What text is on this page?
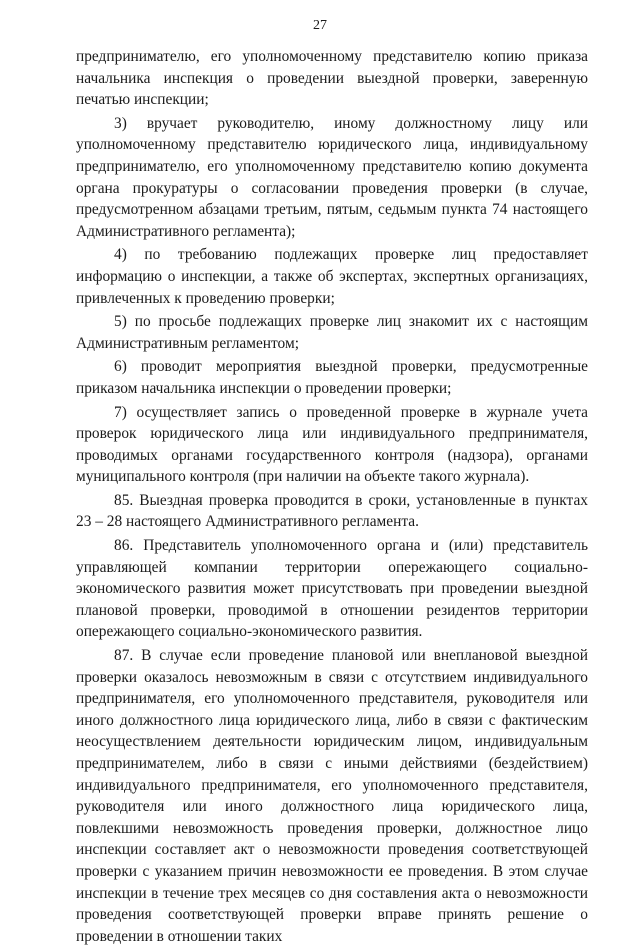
27

предпринимателю, его уполномоченному представителю копию приказа начальника инспекция о проведении выездной проверки, заверенную печатью инспекции;

3) вручает руководителю, иному должностному лицу или уполномоченному представителю юридического лица, индивидуальному предпринимателю, его уполномоченному представителю копию документа органа прокуратуры о согласовании проведения проверки (в случае, предусмотренном абзацами третьим, пятым, седьмым пункта 74 настоящего Административного регламента);

4) по требованию подлежащих проверке лиц предоставляет информацию о инспекции, а также об экспертах, экспертных организациях, привлеченных к проведению проверки;

5) по просьбе подлежащих проверке лиц знакомит их с настоящим Административным регламентом;

6) проводит мероприятия выездной проверки, предусмотренные приказом начальника инспекции о проведении проверки;

7) осуществляет запись о проведенной проверке в журнале учета проверок юридического лица или индивидуального предпринимателя, проводимых органами государственного контроля (надзора), органами муниципального контроля (при наличии на объекте такого журнала).

85. Выездная проверка проводится в сроки, установленные в пунктах 23 – 28 настоящего Административного регламента.

86. Представитель уполномоченного органа и (или) представитель управляющей компании территории опережающего социально-экономического развития может присутствовать при проведении выездной плановой проверки, проводимой в отношении резидентов территории опережающего социально-экономического развития.

87. В случае если проведение плановой или внеплановой выездной проверки оказалось невозможным в связи с отсутствием индивидуального предпринимателя, его уполномоченного представителя, руководителя или иного должностного лица юридического лица, либо в связи с фактическим неосуществлением деятельности юридическим лицом, индивидуальным предпринимателем, либо в связи с иными действиями (бездействием) индивидуального предпринимателя, его уполномоченного представителя, руководителя или иного должностного лица юридического лица, повлекшими невозможность проведения проверки, должностное лицо инспекции составляет акт о невозможности проведения соответствующей проверки с указанием причин невозможности ее проведения. В этом случае инспекции в течение трех месяцев со дня составления акта о невозможности проведения соответствующей проверки вправе принять решение о проведении в отношении таких
